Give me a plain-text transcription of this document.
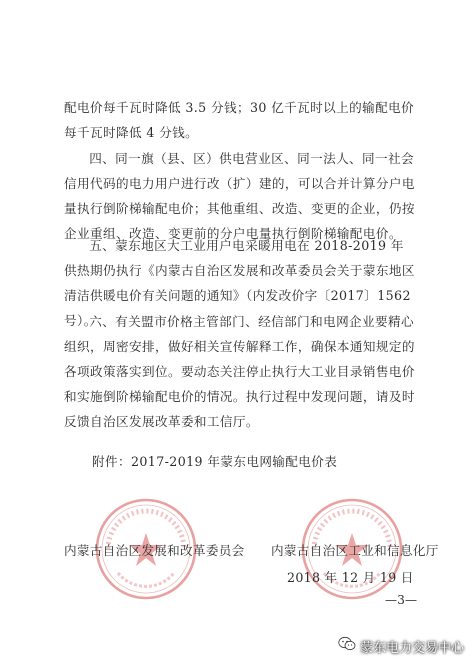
配电价每千瓦时降低 3.5 分钱；30 亿千瓦时以上的输配电价每千瓦时降低 4 分钱。

四、同一旗（县、区）供电营业区、同一法人、同一社会信用代码的电力用户进行改（扩）建的，可以合并计算分户电量执行倒阶梯输配电价；其他重组、改造、变更的企业，仍按企业重组、改造、变更前的分户电量执行倒阶梯输配电价。

五、蒙东地区大工业用户电采暖用电在 2018-2019 年供热期仍执行《内蒙古自治区发展和改革委员会关于蒙东地区清洁供暖电价有关问题的通知》（内发改价字〔2017〕1562 号）。

六、有关盟市价格主管部门、经信部门和电网企业要精心组织，周密安排，做好相关宣传解释工作，确保本通知规定的各项政策落实到位。要动态关注停止执行大工业目录销售电价和实施倒阶梯输配电价的情况。执行过程中发现问题，请及时反馈自治区发展改革委和工信厅。

附件：2017-2019 年蒙东电网输配电价表
内蒙古自治区发展和改革委员会 内蒙古自治区工业和信息化厅
2018 年 12 月 19 日
—3—
蒙东电力交易中心
